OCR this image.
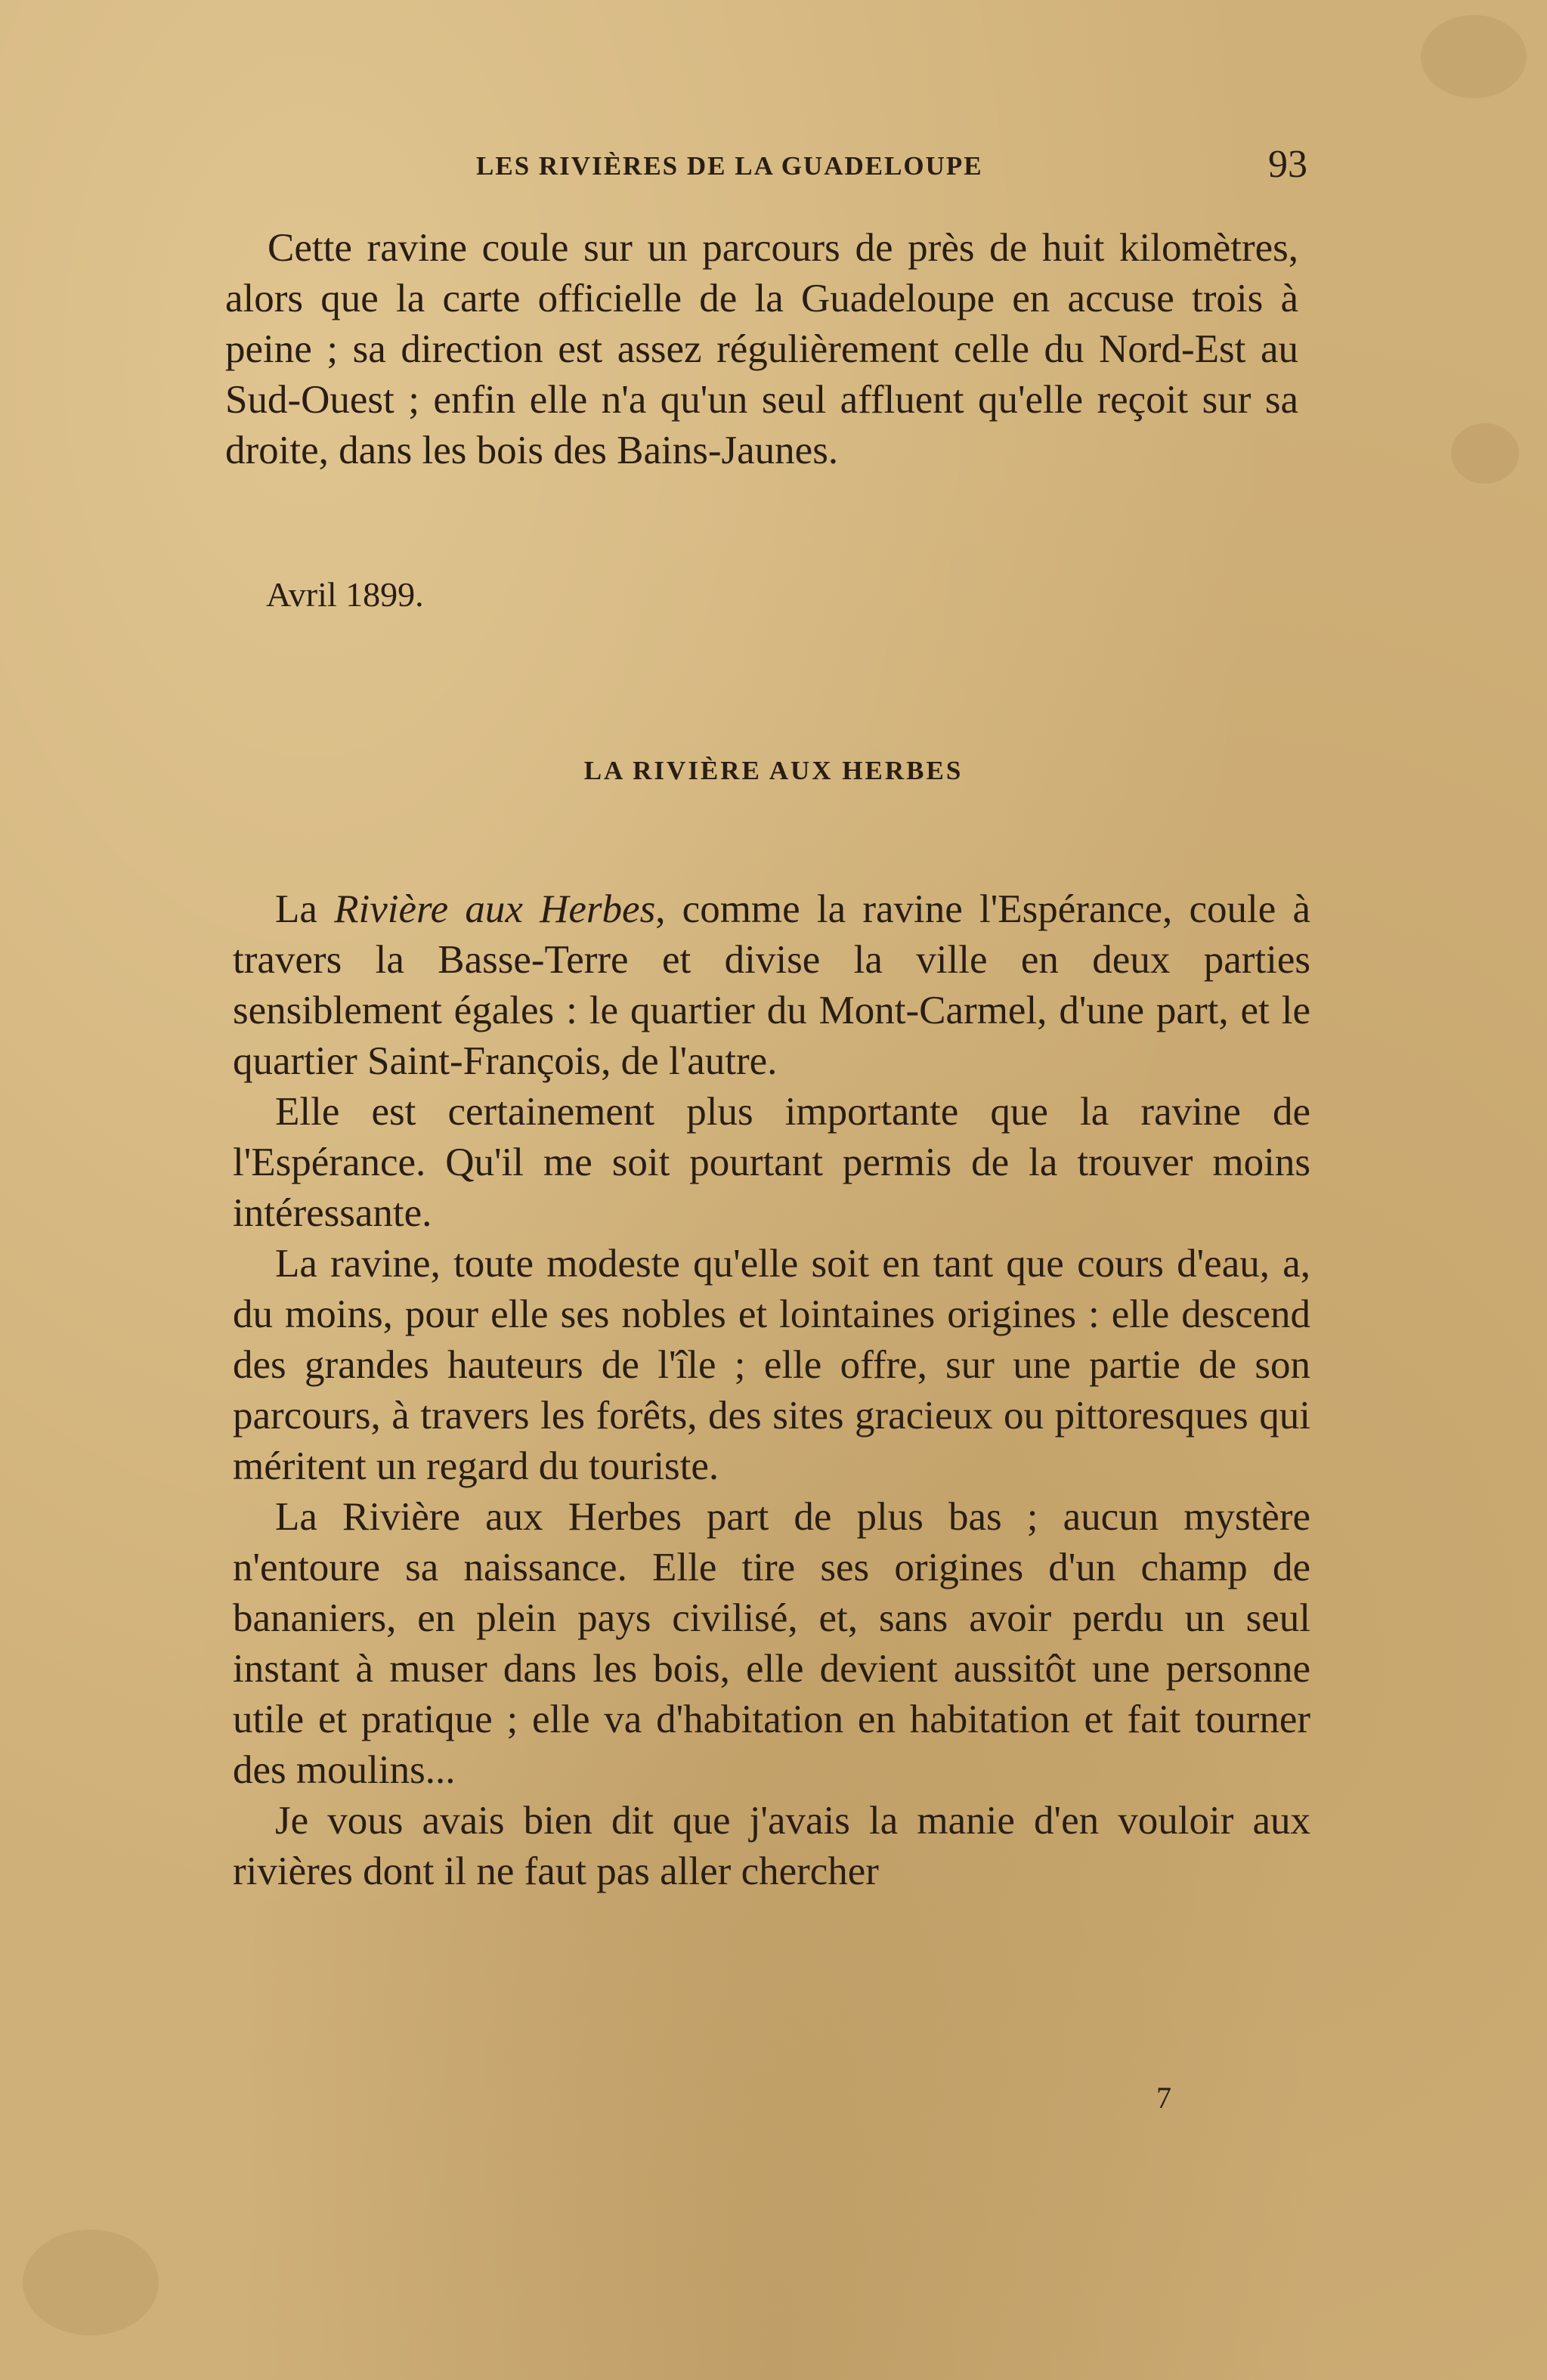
LES RIVIÈRES DE LA GUADELOUPE	93

Cette ravine coule sur un parcours de près de huit kilomètres, alors que la carte officielle de la Guadeloupe en accuse trois à peine ; sa direction est assez régulièrement celle du Nord-Est au Sud-Ouest ; enfin elle n'a qu'un seul affluent qu'elle reçoit sur sa droite, dans les bois des Bains-Jaunes.

Avril 1899.
LA RIVIÈRE AUX HERBES

La Rivière aux Herbes, comme la ravine l'Espérance, coule à travers la Basse-Terre et divise la ville en deux parties sensiblement égales : le quartier du Mont-Carmel, d'une part, et le quartier Saint-François, de l'autre.

Elle est certainement plus importante que la ravine de l'Espérance. Qu'il me soit pourtant permis de la trouver moins intéressante.

La ravine, toute modeste qu'elle soit en tant que cours d'eau, a, du moins, pour elle ses nobles et lointaines origines : elle descend des grandes hauteurs de l'île ; elle offre, sur une partie de son parcours, à travers les forêts, des sites gracieux ou pittoresques qui méritent un regard du touriste.

La Rivière aux Herbes part de plus bas ; aucun mystère n'entoure sa naissance. Elle tire ses origines d'un champ de bananiers, en plein pays civilisé, et, sans avoir perdu un seul instant à muser dans les bois, elle devient aussitôt une personne utile et pratique ; elle va d'habitation en habitation et fait tourner des moulins...

Je vous avais bien dit que j'avais la manie d'en vouloir aux rivières dont il ne faut pas aller chercher

7
